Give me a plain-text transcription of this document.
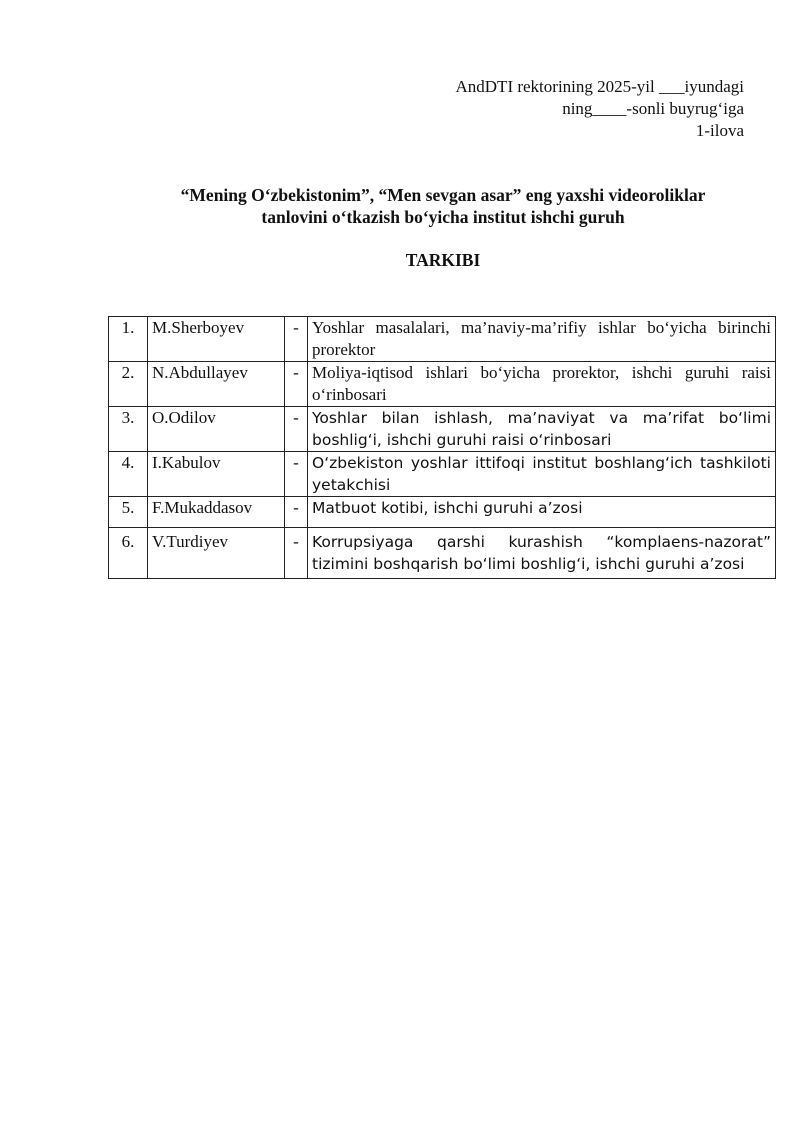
AndDTI rektorining 2025-yil ___iyundagi
ning____-sonli buyrug‘iga
1-ilova
“Mening O‘zbekistonim”, “Men sevgan asar” eng yaxshi videoroliklar
tanlovini o‘tkazish bo‘yicha institut ishchi guruh
TARKIBI
1.	M.Sherboyev	-	Yoshlar masalalari, ma’naviy-ma’rifiy ishlar bo‘yicha birinchi prorektor
2.	N.Abdullayev	-	Moliya-iqtisod ishlari bo‘yicha prorektor, ishchi guruhi raisi o‘rinbosari
3.	O.Odilov	-	Yoshlar bilan ishlash, ma’naviyat va ma’rifat bo‘limi boshlig‘i, ishchi guruhi raisi o‘rinbosari
4.	I.Kabulov	-	O‘zbekiston yoshlar ittifoqi institut boshlang‘ich tashkiloti yetakchisi
5.	F.Mukaddasov	-	Matbuot kotibi, ishchi guruhi a’zosi
6.	V.Turdiyev	-	Korrupsiyaga qarshi kurashish “komplaens-nazorat” tizimini boshqarish bo‘limi boshlig‘i, ishchi guruhi a’zosi
